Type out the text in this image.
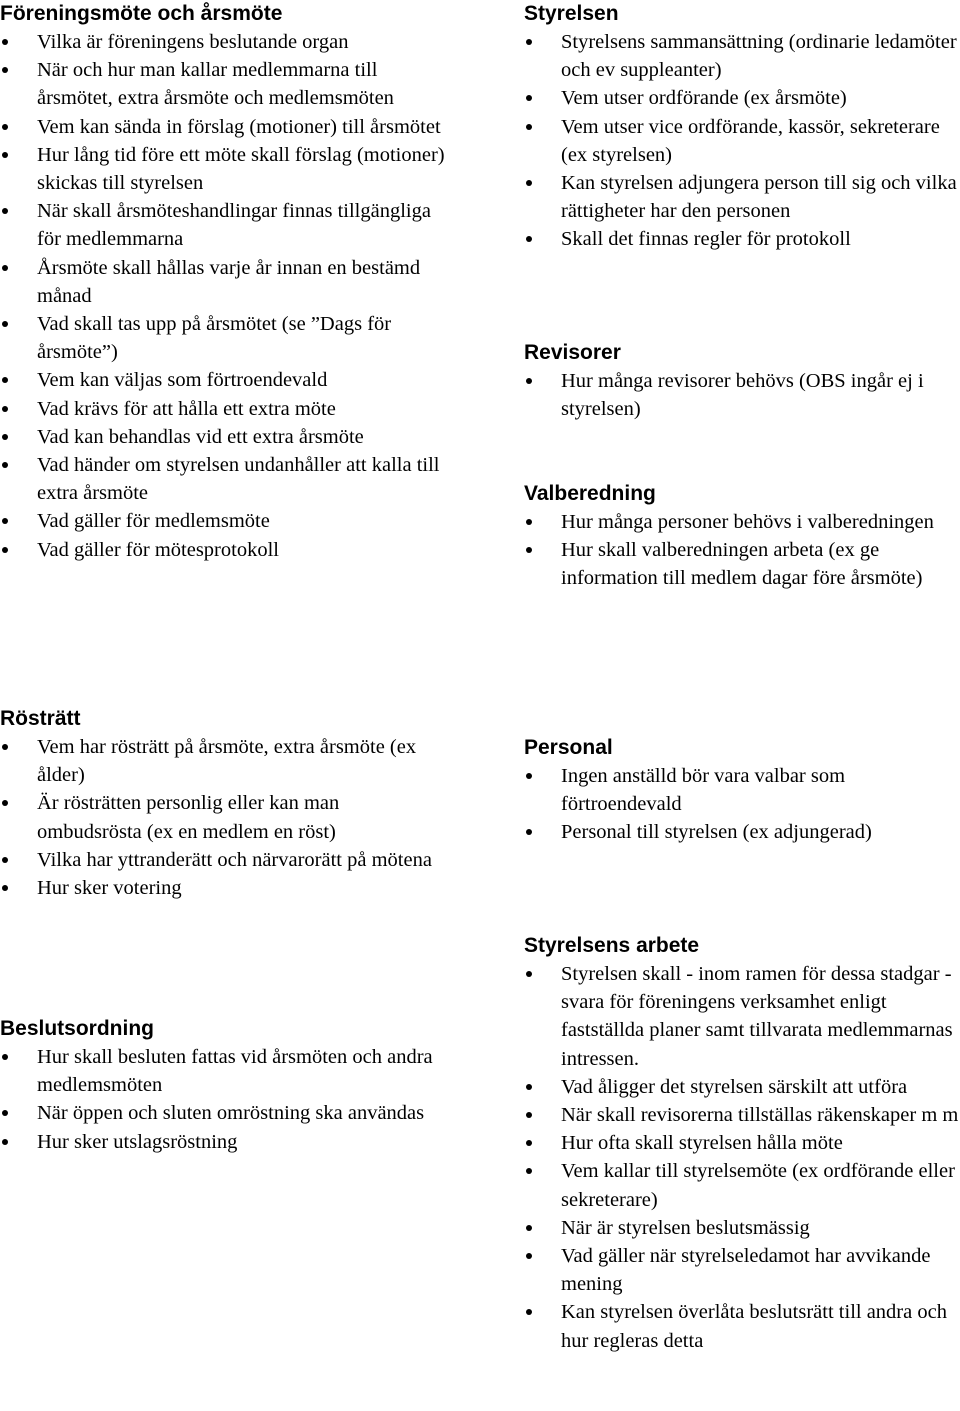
Föreningsmöte och årsmöte
Vilka är föreningens beslutande organ
När och hur man kallar medlemmarna till årsmötet, extra årsmöte och medlemsmöten
Vem kan sända in förslag (motioner) till årsmötet
Hur lång tid före ett möte skall förslag (motioner) skickas till styrelsen
När skall årsmöteshandlingar finnas tillgängliga för medlemmarna
Årsmöte skall hållas varje år innan en bestämd månad
Vad skall tas upp på årsmötet (se ”Dags för årsmöte”)
Vem kan väljas som förtroendevald
Vad krävs för att hålla ett extra möte
Vad kan behandlas vid ett extra årsmöte
Vad händer om styrelsen undanhåller att kalla till extra årsmöte
Vad gäller för medlemsmöte
Vad gäller för mötesprotokoll
Rösträtt
Vem har rösträtt på årsmöte, extra årsmöte (ex ålder)
Är rösträtten personlig eller kan man ombudsrösta (ex en medlem en röst)
Vilka har yttranderätt och närvarorätt på mötena
Hur sker votering
Beslutsordning
Hur skall besluten fattas vid årsmöten och andra medlemsmöten
När öppen och sluten omröstning ska användas
Hur sker utslagsröstning
Styrelsen
Styrelsens sammansättning (ordinarie ledamöter och ev suppleanter)
Vem utser ordförande (ex årsmöte)
Vem utser vice ordförande, kassör, sekreterare (ex styrelsen)
Kan styrelsen adjungera person till sig och vilka rättigheter har den personen
Skall det finnas regler för protokoll
Revisorer
Hur många revisorer behövs (OBS ingår ej i styrelsen)
Valberedning
Hur många personer behövs i valberedningen
Hur skall valberedningen arbeta (ex ge information till medlem dagar före årsmöte)
Personal
Ingen anställd bör vara valbar som förtroendevald
Personal till styrelsen (ex adjungerad)
Styrelsens arbete
Styrelsen skall - inom ramen för dessa stadgar - svara för föreningens verksamhet enligt fastställda planer samt tillvarata medlemmarnas intressen.
Vad åligger det styrelsen särskilt att utföra
När skall revisorerna tillställas räkenskaper m m
Hur ofta skall styrelsen hålla möte
Vem kallar till styrelsemöte (ex ordförande eller sekreterare)
När är styrelsen beslutsmässig
Vad gäller när styrelseledamot har avvikande mening
Kan styrelsen överlåta beslutsrätt till andra och hur regleras detta
